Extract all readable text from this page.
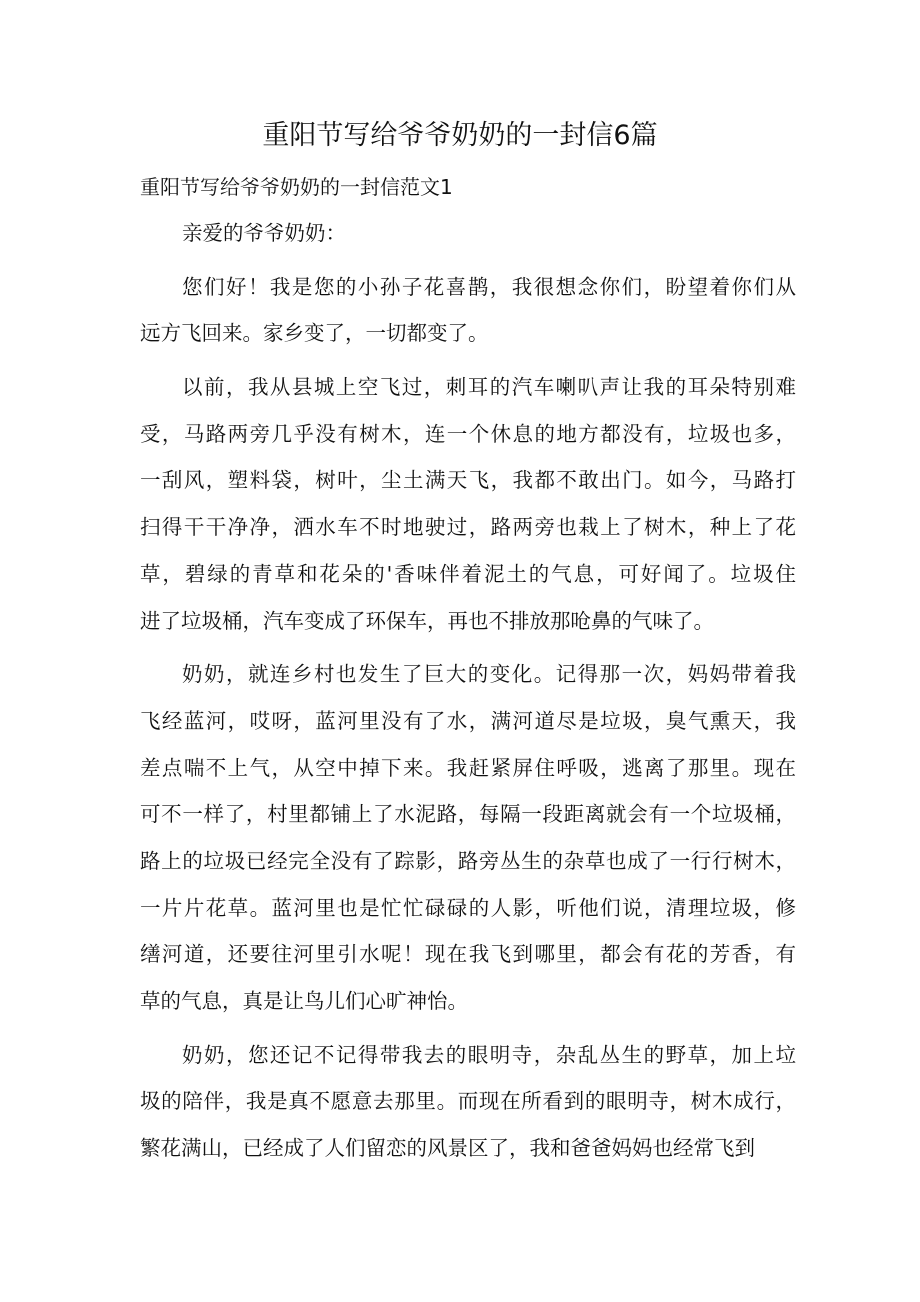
重阳节写给爷爷奶奶的一封信6篇
重阳节写给爷爷奶奶的一封信范文1
亲爱的爷爷奶奶：
您们好！我是您的小孙子花喜鹊，我很想念你们，盼望着你们从
远方飞回来。家乡变了，一切都变了。
以前，我从县城上空飞过，刺耳的汽车喇叭声让我的耳朵特别难
受，马路两旁几乎没有树木，连一个休息的地方都没有，垃圾也多，
一刮风，塑料袋，树叶，尘土满天飞，我都不敢出门。如今，马路打
扫得干干净净，洒水车不时地驶过，路两旁也栽上了树木，种上了花
草，碧绿的青草和花朵的'香味伴着泥土的气息，可好闻了。垃圾住
进了垃圾桶，汽车变成了环保车，再也不排放那呛鼻的气味了。
奶奶，就连乡村也发生了巨大的变化。记得那一次，妈妈带着我
飞经蓝河，哎呀，蓝河里没有了水，满河道尽是垃圾，臭气熏天，我
差点喘不上气，从空中掉下来。我赶紧屏住呼吸，逃离了那里。现在
可不一样了，村里都铺上了水泥路，每隔一段距离就会有一个垃圾桶，
路上的垃圾已经完全没有了踪影，路旁丛生的杂草也成了一行行树木，
一片片花草。蓝河里也是忙忙碌碌的人影，听他们说，清理垃圾，修
缮河道，还要往河里引水呢！现在我飞到哪里，都会有花的芳香，有
草的气息，真是让鸟儿们心旷神怡。
奶奶，您还记不记得带我去的眼明寺，杂乱丛生的野草，加上垃
圾的陪伴，我是真不愿意去那里。而现在所看到的眼明寺，树木成行，
繁花满山，已经成了人们留恋的风景区了，我和爸爸妈妈也经常飞到
